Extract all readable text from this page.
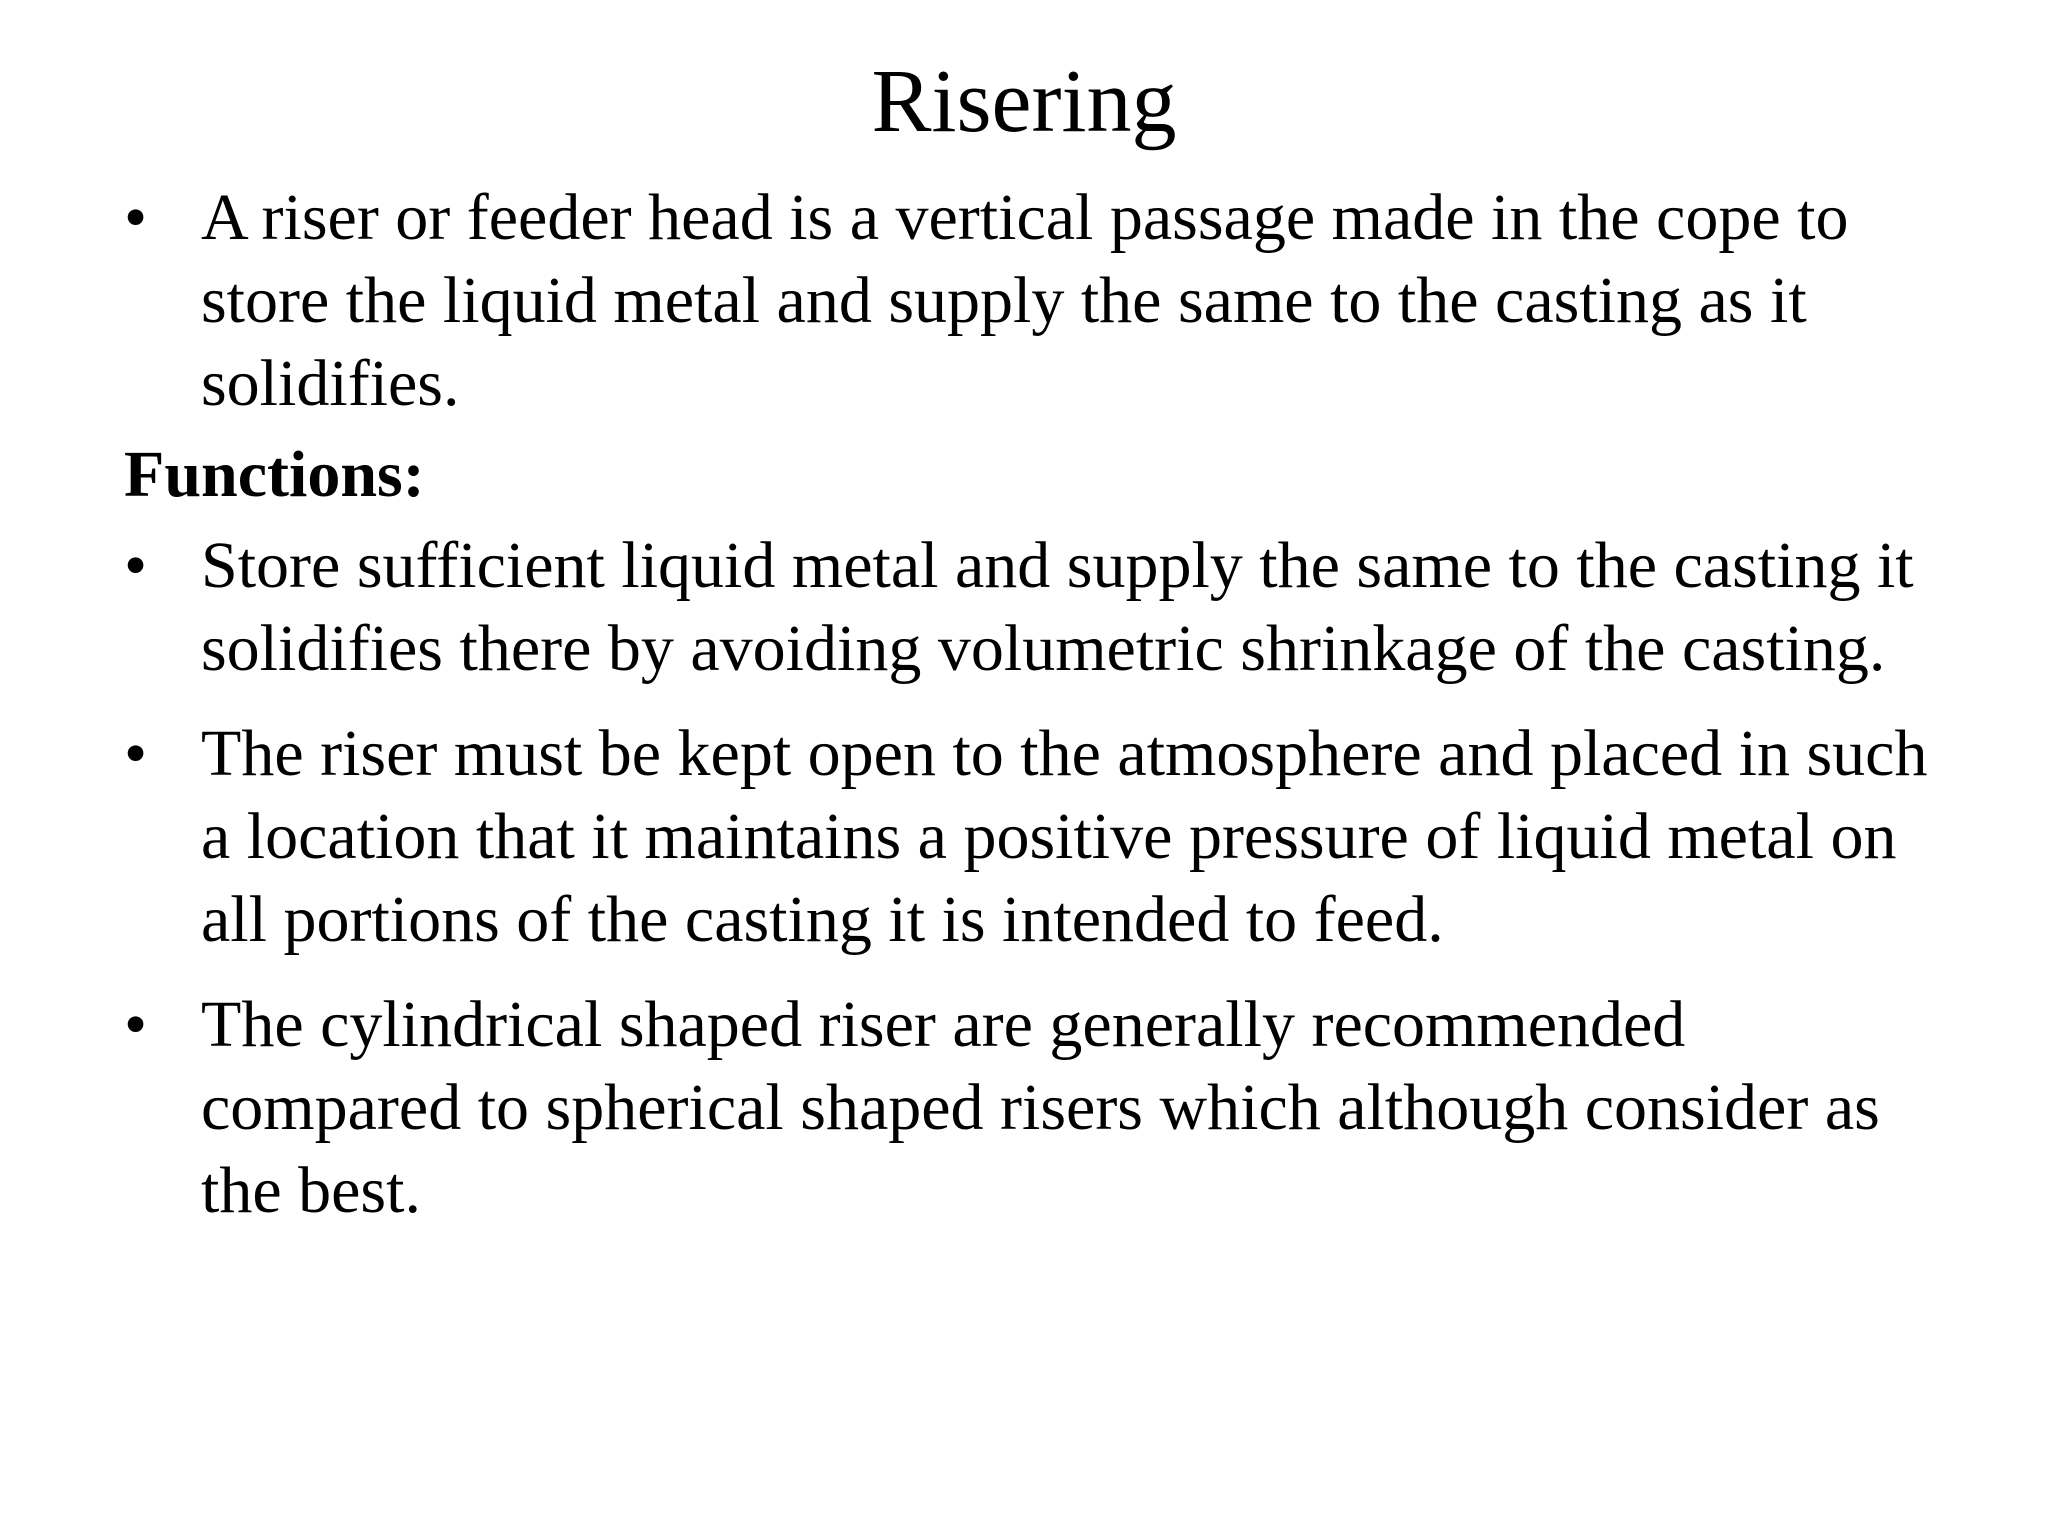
Risering
• A riser or feeder head is a vertical passage made in the cope to store the liquid metal and supply the same to the casting as it solidifies.
Functions:
• Store sufficient liquid metal and supply the same to the casting it solidifies there by avoiding volumetric shrinkage of the casting.
• The riser must be kept open to the atmosphere and placed in such a location that it maintains a positive pressure of liquid metal on all portions of the casting it is intended to feed.
• The cylindrical shaped riser are generally recommended compared to spherical shaped risers which although consider as the best.
